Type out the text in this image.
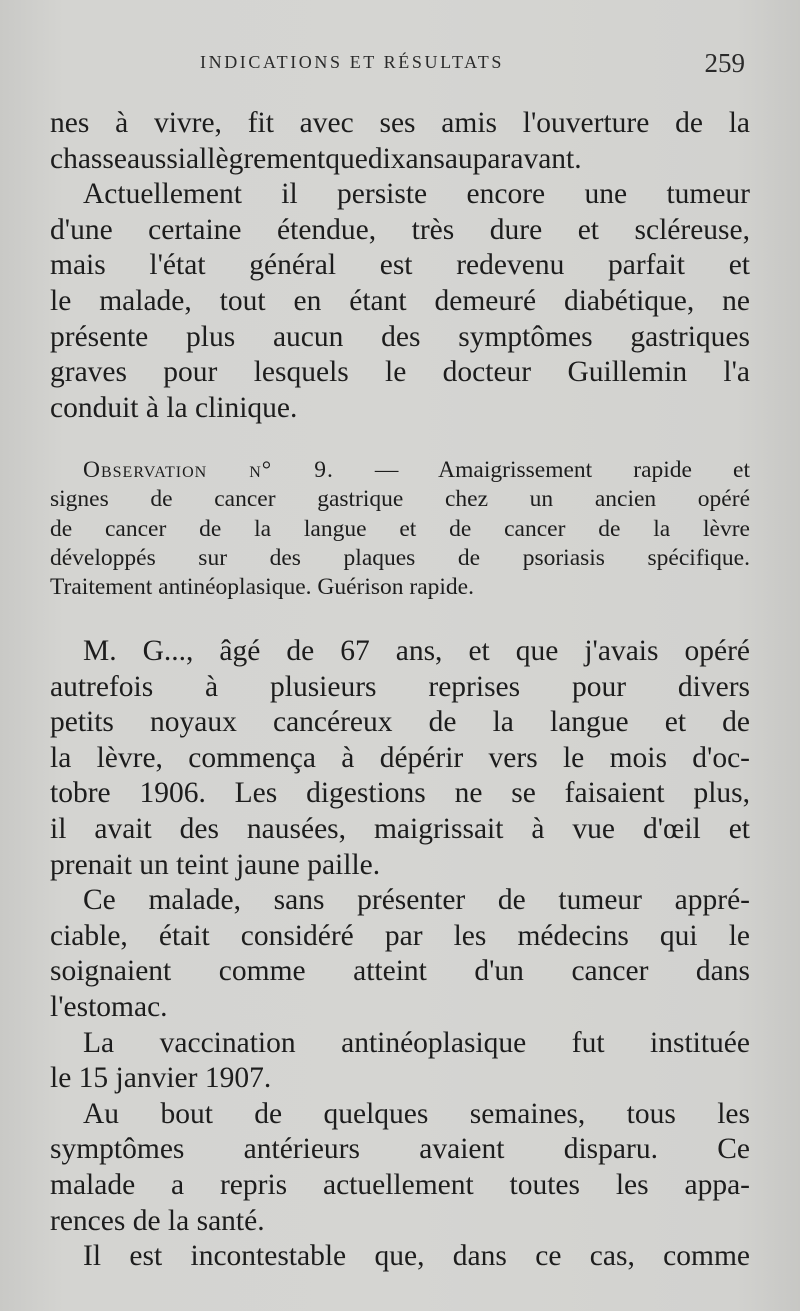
INDICATIONS ET RÉSULTATS	259
nes à vivre, fit avec ses amis l'ouverture de la
chasseaussiallègrementquedixansauparavant.
Actuellement il persiste encore une tumeur
d'une certaine étendue, très dure et scléreuse,
mais l'état général est redevenu parfait et
le malade, tout en étant demeuré diabétique, ne
présente plus aucun des symptômes gastriques
graves pour lesquels le docteur Guillemin l'a
conduit à la clinique.
Observation n° 9. — Amaigrissement rapide et
signes de cancer gastrique chez un ancien opéré
de cancer de la langue et de cancer de la lèvre
développés sur des plaques de psoriasis spécifique.
Traitement antinéoplasique. Guérison rapide.
M. G..., âgé de 67 ans, et que j'avais opéré
autrefois à plusieurs reprises pour divers
petits noyaux cancéreux de la langue et de
la lèvre, commença à dépérir vers le mois d'oc-
tobre 1906. Les digestions ne se faisaient plus,
il avait des nausées, maigrissait à vue d'œil et
prenait un teint jaune paille.
Ce malade, sans présenter de tumeur appré-
ciable, était considéré par les médecins qui le
soignaient comme atteint d'un cancer dans
l'estomac.
La vaccination antinéoplasique fut instituée
le 15 janvier 1907.
Au bout de quelques semaines, tous les
symptômes antérieurs avaient disparu. Ce
malade a repris actuellement toutes les appa-
rences de la santé.
Il est incontestable que, dans ce cas, comme
